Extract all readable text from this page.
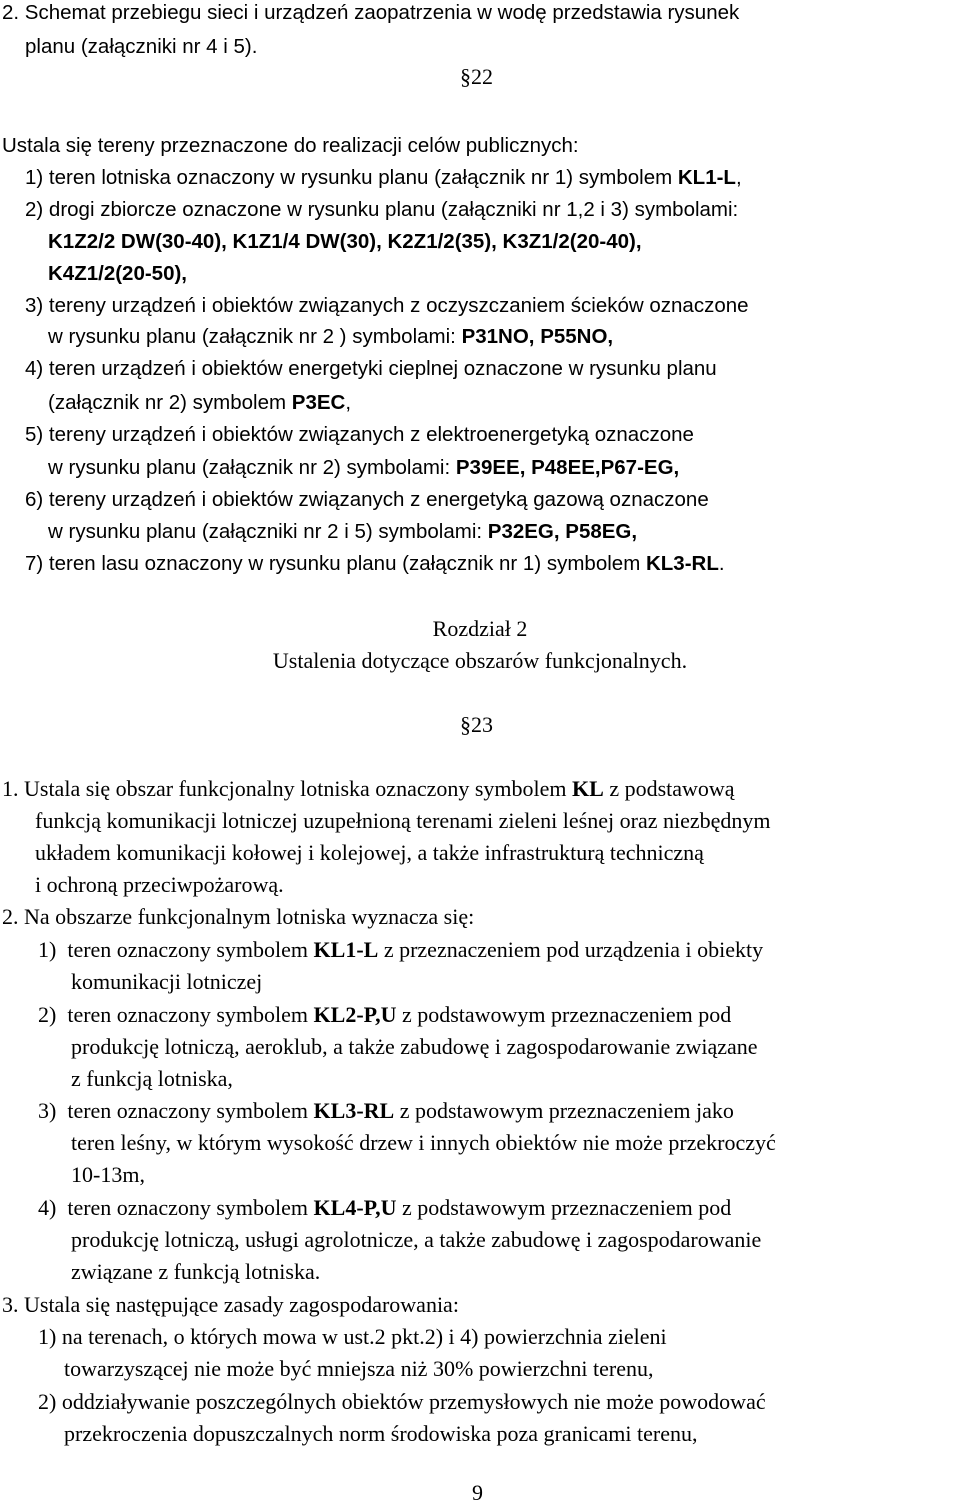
2. Schemat przebiegu sieci i urządzeń zaopatrzenia w wodę przedstawia rysunek
planu (załączniki nr 4 i 5).
§22
Ustala się tereny przeznaczone do realizacji celów publicznych:
1) teren lotniska oznaczony w rysunku planu (załącznik nr 1) symbolem KL1-L,
2) drogi zbiorcze oznaczone w rysunku planu (załączniki nr 1,2 i 3) symbolami:
K1Z2/2 DW(30-40), K1Z1/4 DW(30), K2Z1/2(35), K3Z1/2(20-40),
K4Z1/2(20-50),
3) tereny urządzeń i obiektów związanych z oczyszczaniem ścieków oznaczone
w rysunku planu (załącznik nr 2 ) symbolami: P31NO, P55NO,
4) teren urządzeń i obiektów energetyki cieplnej oznaczone w rysunku planu
(załącznik nr 2) symbolem P3EC,
5) tereny urządzeń i obiektów związanych z elektroenergetyką oznaczone
w rysunku planu (załącznik nr 2) symbolami: P39EE, P48EE,P67-EG,
6) tereny urządzeń i obiektów związanych z energetyką gazową oznaczone
w rysunku planu (załączniki nr 2 i 5) symbolami: P32EG, P58EG,
7) teren lasu oznaczony w rysunku planu (załącznik nr 1) symbolem KL3-RL.
Rozdział 2
Ustalenia dotyczące obszarów funkcjonalnych.
§23
1. Ustala się obszar funkcjonalny lotniska oznaczony symbolem KL z podstawową
funkcją komunikacji lotniczej uzupełnioną terenami zieleni leśnej oraz niezbędnym
układem komunikacji kołowej i kolejowej, a także infrastrukturą techniczną
i ochroną przeciwpożarową.
2. Na obszarze funkcjonalnym lotniska wyznacza się:
1) teren oznaczony symbolem KL1-L z przeznaczeniem pod urządzenia i obiekty
komunikacji lotniczej
2) teren oznaczony symbolem KL2-P,U z podstawowym przeznaczeniem pod
produkcję lotniczą, aeroklub, a także zabudowę i zagospodarowanie związane
z funkcją lotniska,
3) teren oznaczony symbolem KL3-RL z podstawowym przeznaczeniem jako
teren leśny, w którym wysokość drzew i innych obiektów nie może przekroczyć
10-13m,
4) teren oznaczony symbolem KL4-P,U z podstawowym przeznaczeniem pod
produkcję lotniczą, usługi agrolotnicze, a także zabudowę i zagospodarowanie
związane z funkcją lotniska.
3. Ustala się następujące zasady zagospodarowania:
1) na terenach, o których mowa w ust.2 pkt.2) i 4) powierzchnia zieleni
towarzyszącej nie może być mniejsza niż 30% powierzchni terenu,
2) oddziaływanie poszczególnych obiektów przemysłowych nie może powodować
przekroczenia dopuszczalnych norm środowiska poza granicami terenu,
9
